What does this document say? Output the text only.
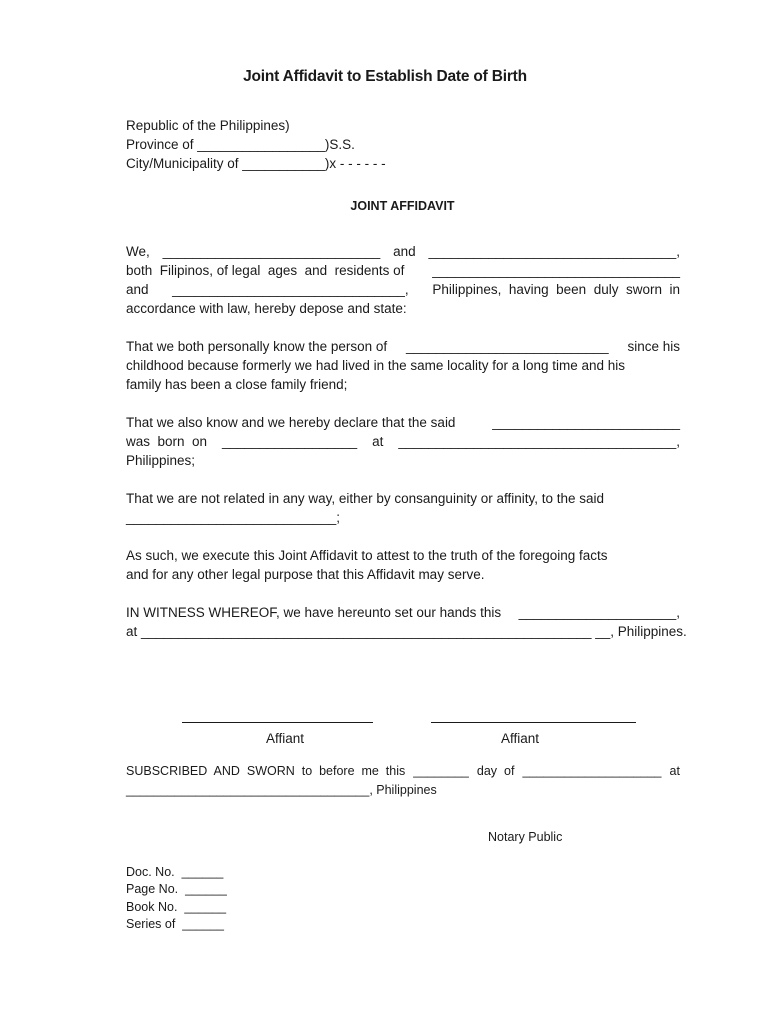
Joint Affidavit to Establish Date of Birth
Republic of the Philippines)
Province of _________________)S.S.
City/Municipality of ___________)x - - - - - -
JOINT AFFIDAVIT
We, _____________________________ and _________________________________,
both  Filipinos, of legal  ages  and  residents of _________________________________
and _______________________________, Philippines,  having  been  duly  sworn  in
accordance with law, hereby depose and state:
That we both personally know the person of ___________________________ since his
childhood because formerly we had lived in the same locality for a long time and his
family has been a close family friend;
That we also know and we hereby declare that the said	_________________________
was  born  on __________________ at _____________________________________,
Philippines;
That we are not related in any way, either by consanguinity or affinity, to the said
____________________________;
As such, we execute this Joint Affidavit to attest to the truth of the foregoing facts
and for any other legal purpose that this Affidavit may serve.
IN WITNESS WHEREOF, we have hereunto set our hands this _____________________,
at ____________________________________________________________ __, Philippines.
Affiant	Affiant
SUBSCRIBED  AND  SWORN  to  before  me  this ________ day  of ____________________ at
___________________________________, Philippines
Notary Public
Doc. No.  ______
Page No.  ______
Book No.  ______
Series of  ______
